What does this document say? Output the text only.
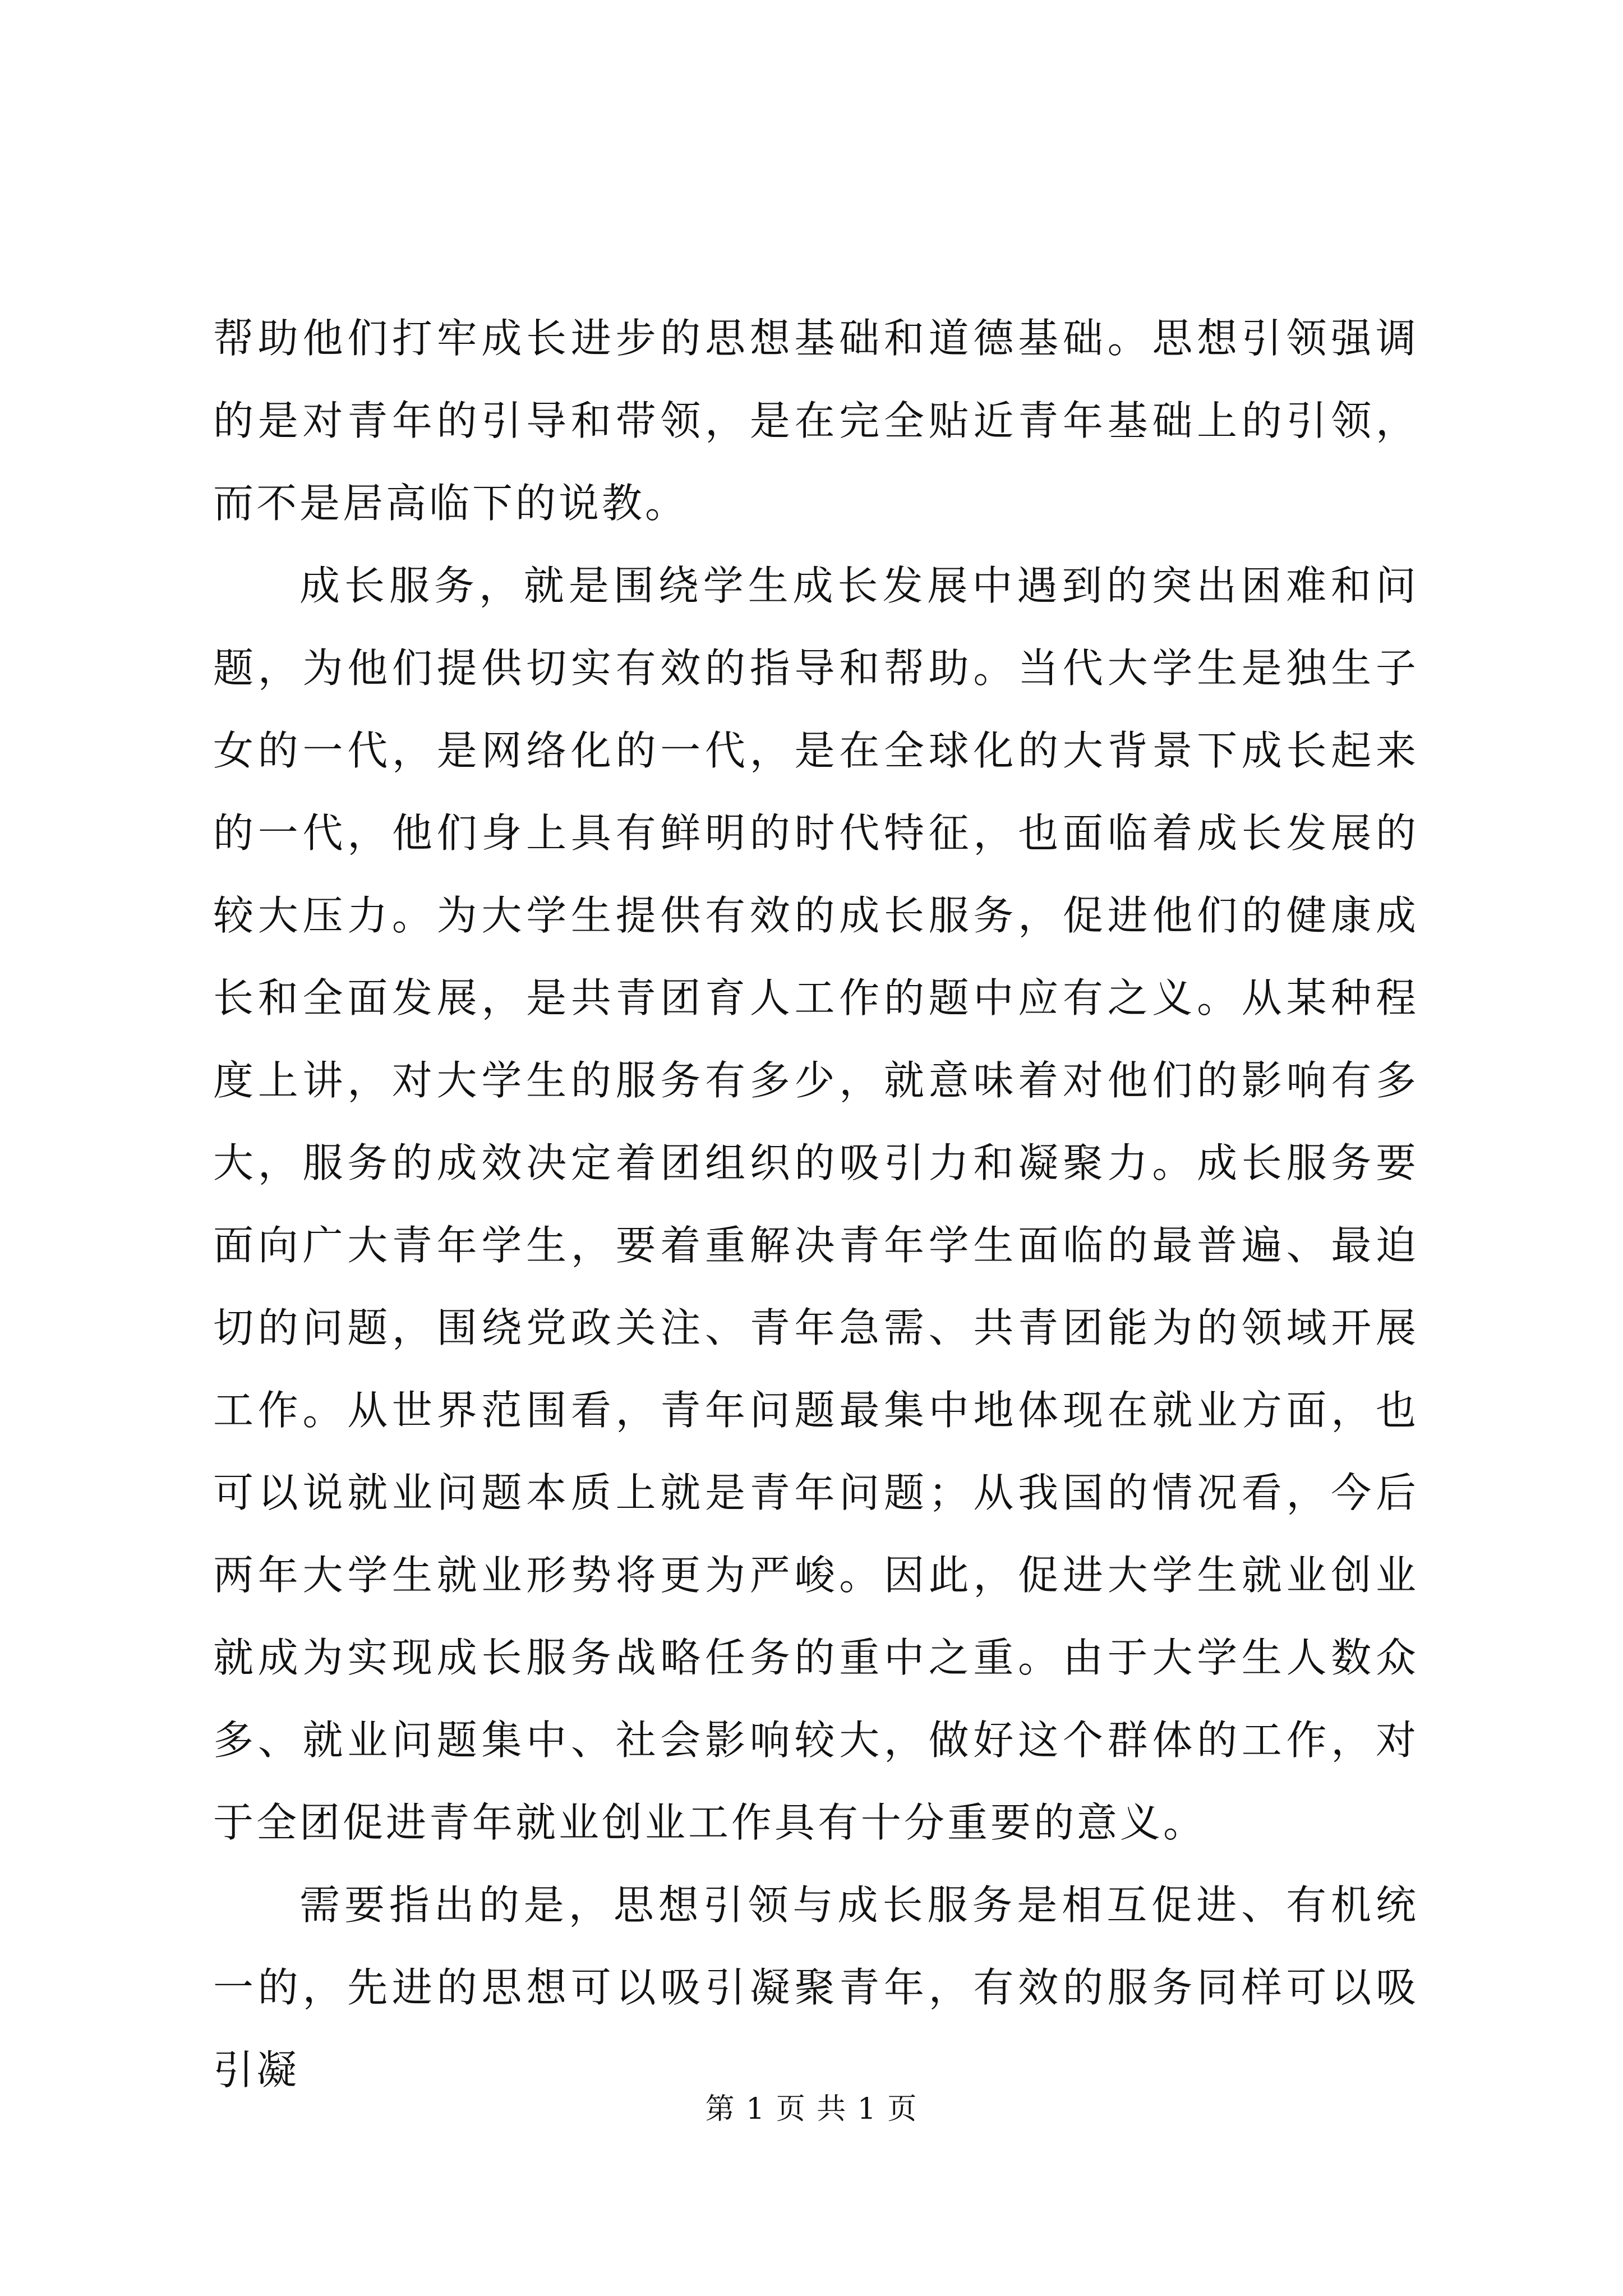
帮助他们打牢成长进步的思想基础和道德基础。思想引领强调的是对青年的引导和带领，是在完全贴近青年基础上的引领，而不是居高临下的说教。

成长服务，就是围绕学生成长发展中遇到的突出困难和问题，为他们提供切实有效的指导和帮助。当代大学生是独生子女的一代，是网络化的一代，是在全球化的大背景下成长起来的一代，他们身上具有鲜明的时代特征，也面临着成长发展的较大压力。为大学生提供有效的成长服务，促进他们的健康成长和全面发展，是共青团育人工作的题中应有之义。从某种程度上讲，对大学生的服务有多少，就意味着对他们的影响有多大，服务的成效决定着团组织的吸引力和凝聚力。成长服务要面向广大青年学生，要着重解决青年学生面临的最普遍、最迫切的问题，围绕党政关注、青年急需、共青团能为的领域开展工作。从世界范围看，青年问题最集中地体现在就业方面，也可以说就业问题本质上就是青年问题；从我国的情况看，今后两年大学生就业形势将更为严峻。因此，促进大学生就业创业就成为实现成长服务战略任务的重中之重。由于大学生人数众多、就业问题集中、社会影响较大，做好这个群体的工作，对于全团促进青年就业创业工作具有十分重要的意义。

需要指出的是，思想引领与成长服务是相互促进、有机统一的，先进的思想可以吸引凝聚青年，有效的服务同样可以吸引凝

第 1 页 共 1 页
